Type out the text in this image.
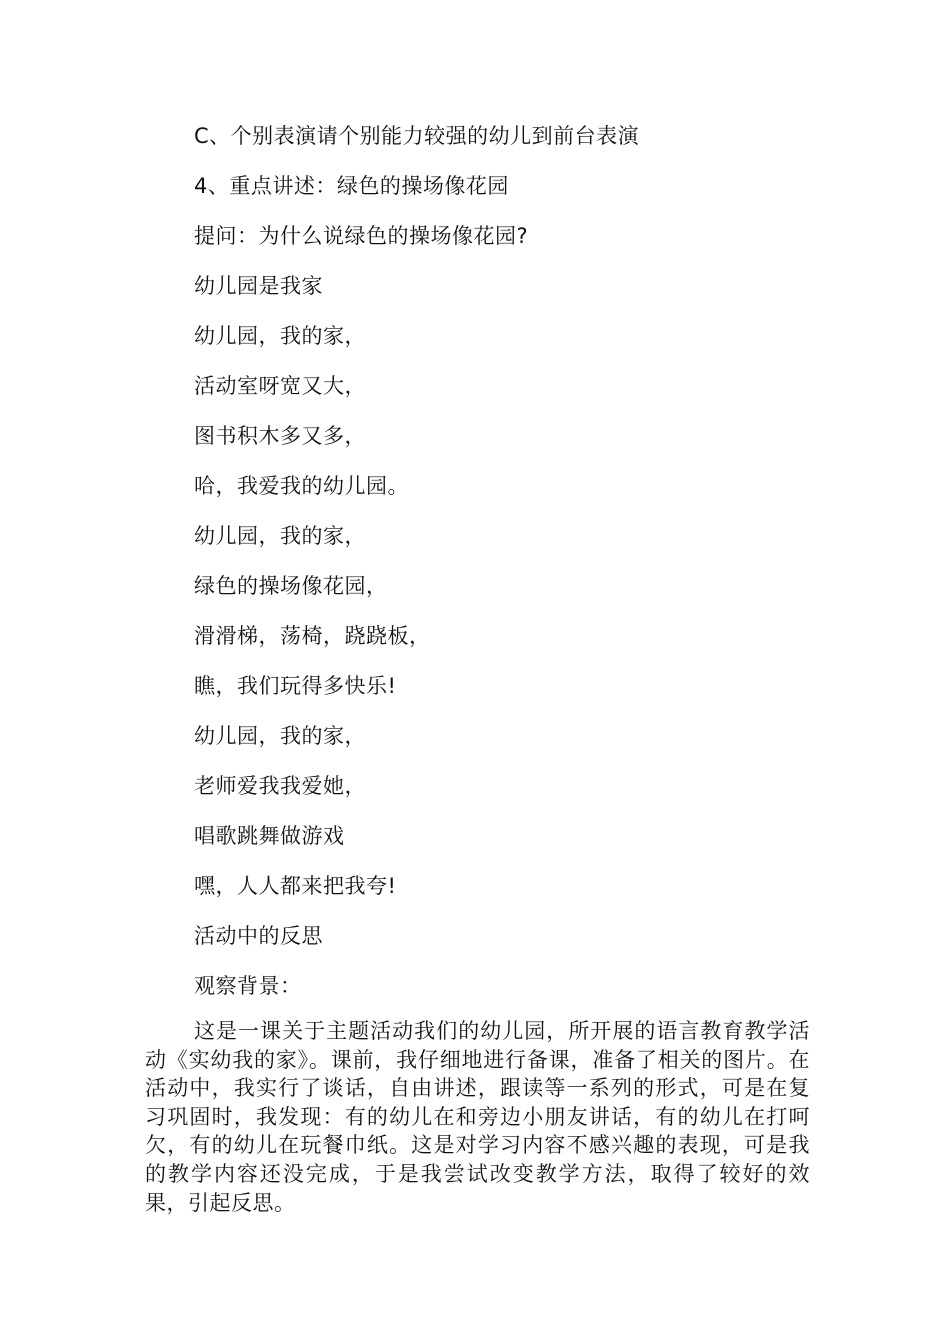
C、个别表演请个别能力较强的幼儿到前台表演
4、重点讲述：绿色的操场像花园
提问：为什么说绿色的操场像花园?
幼儿园是我家
幼儿园，我的家，
活动室呀宽又大，
图书积木多又多，
哈，我爱我的幼儿园。
幼儿园，我的家，
绿色的操场像花园，
滑滑梯，荡椅，跷跷板，
瞧，我们玩得多快乐!
幼儿园，我的家，
老师爱我我爱她，
唱歌跳舞做游戏
嘿，人人都来把我夸!
活动中的反思
观察背景：
这是一课关于主题活动我们的幼儿园，所开展的语言教育教学活动《实幼我的家》。课前，我仔细地进行备课，准备了相关的图片。在活动中，我实行了谈话，自由讲述，跟读等一系列的形式，可是在复习巩固时，我发现：有的幼儿在和旁边小朋友讲话，有的幼儿在打呵欠，有的幼儿在玩餐巾纸。这是对学习内容不感兴趣的表现，可是我的教学内容还没完成，于是我尝试改变教学方法，取得了较好的效果，引起反思。
